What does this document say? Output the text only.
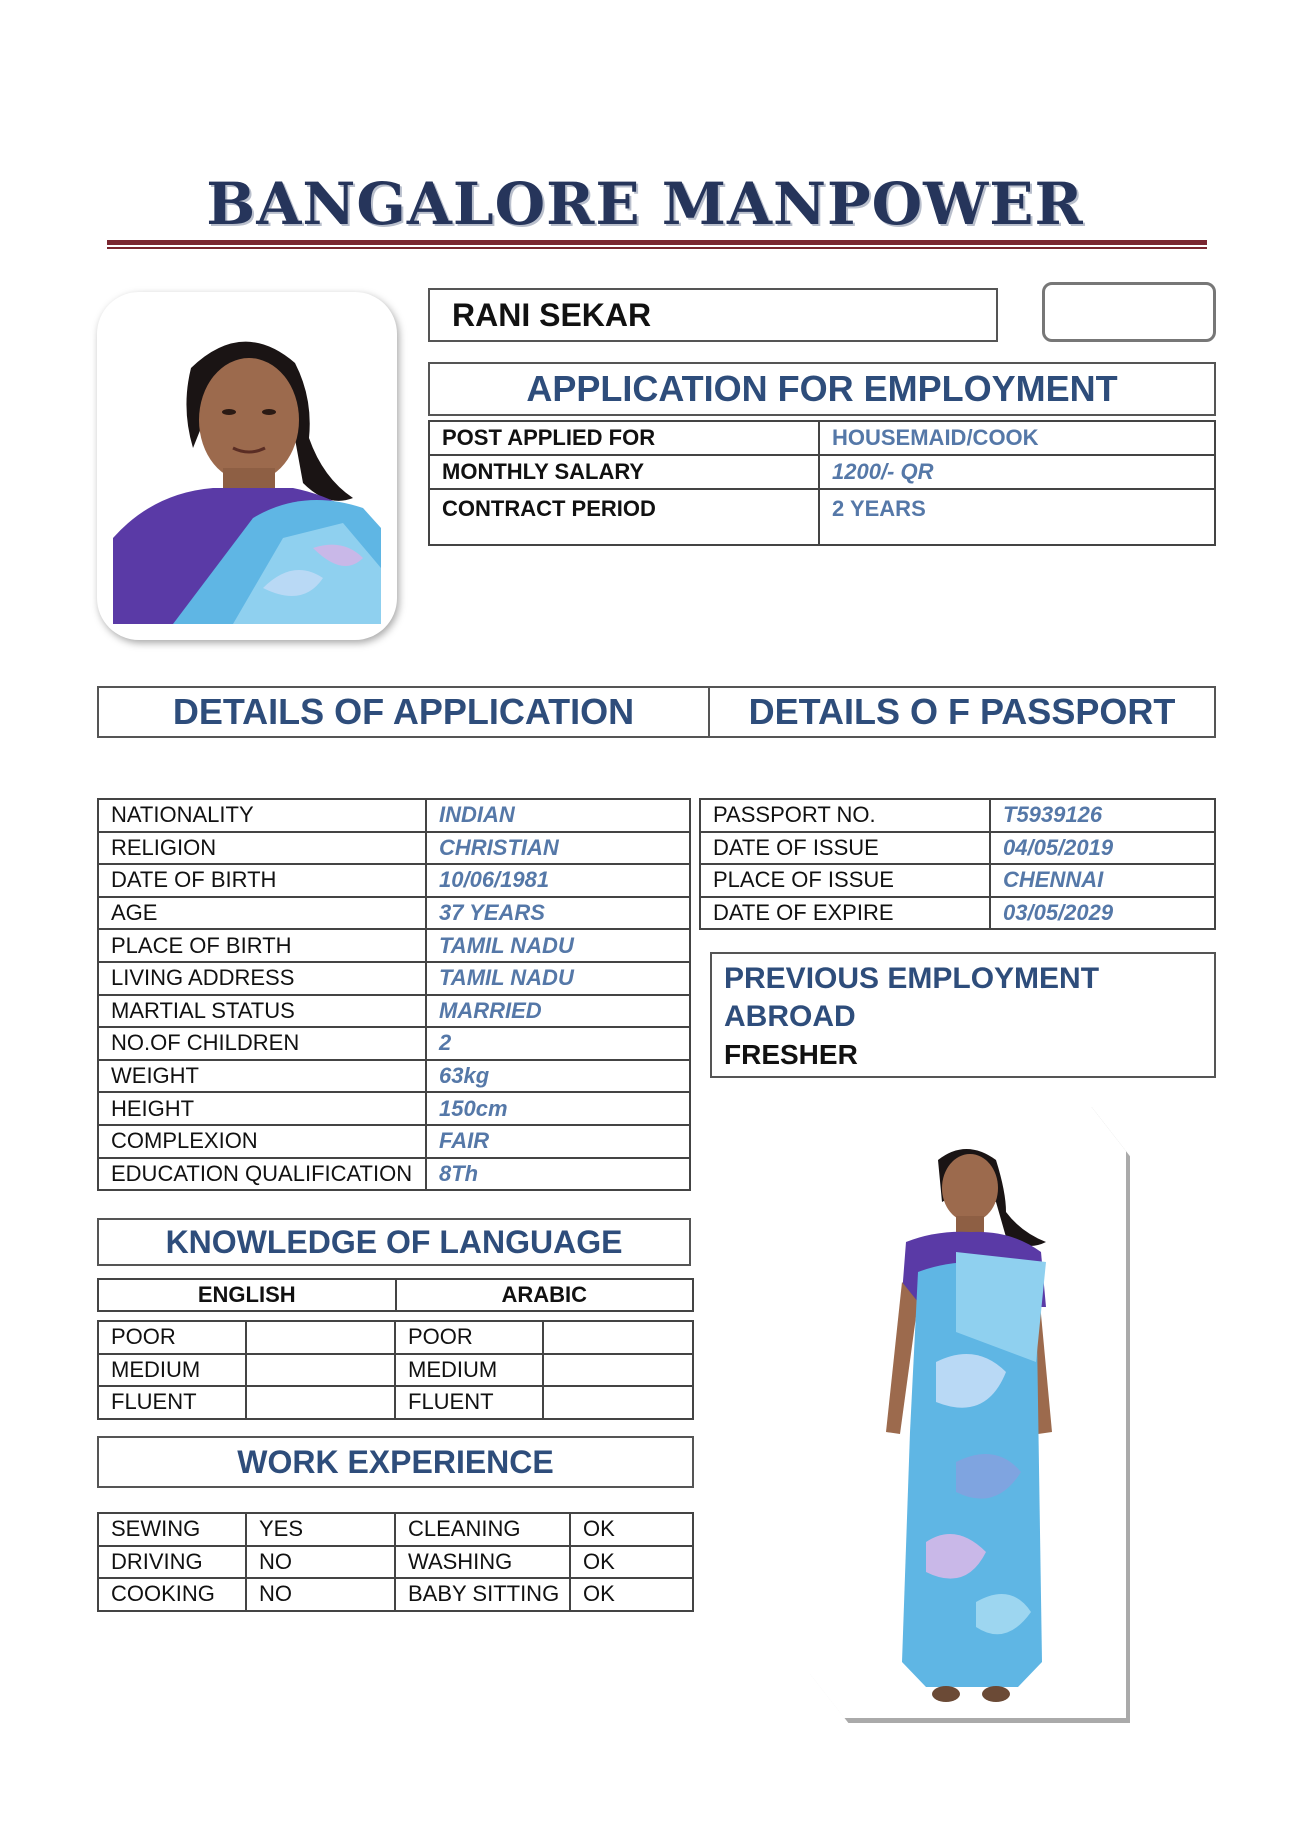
BANGALORE MANPOWER
RANI SEKAR
APPLICATION FOR EMPLOYMENT
POST APPLIED FOR	HOUSEMAID/COOK
MONTHLY SALARY	1200/- QR
CONTRACT PERIOD	2 YEARS
DETAILS OF APPLICATION	DETAILS O F PASSPORT
NATIONALITY	INDIAN
RELIGION	CHRISTIAN
DATE OF BIRTH	10/06/1981
AGE	37 YEARS
PLACE OF BIRTH	TAMIL NADU
LIVING ADDRESS	TAMIL NADU
MARTIAL STATUS	MARRIED
NO.OF CHILDREN	2
WEIGHT	63kg
HEIGHT	150cm
COMPLEXION	FAIR
EDUCATION QUALIFICATION	8Th
PASSPORT NO.	T5939126
DATE OF ISSUE	04/05/2019
PLACE OF ISSUE	CHENNAI
DATE OF EXPIRE	03/05/2029
PREVIOUS EMPLOYMENT ABROAD
FRESHER
KNOWLEDGE OF LANGUAGE
ENGLISH	ARABIC
POOR		POOR	
MEDIUM		MEDIUM	
FLUENT		FLUENT	
WORK EXPERIENCE
SEWING	YES	CLEANING	OK
DRIVING	NO	WASHING	OK
COOKING	NO	BABY SITTING	OK
